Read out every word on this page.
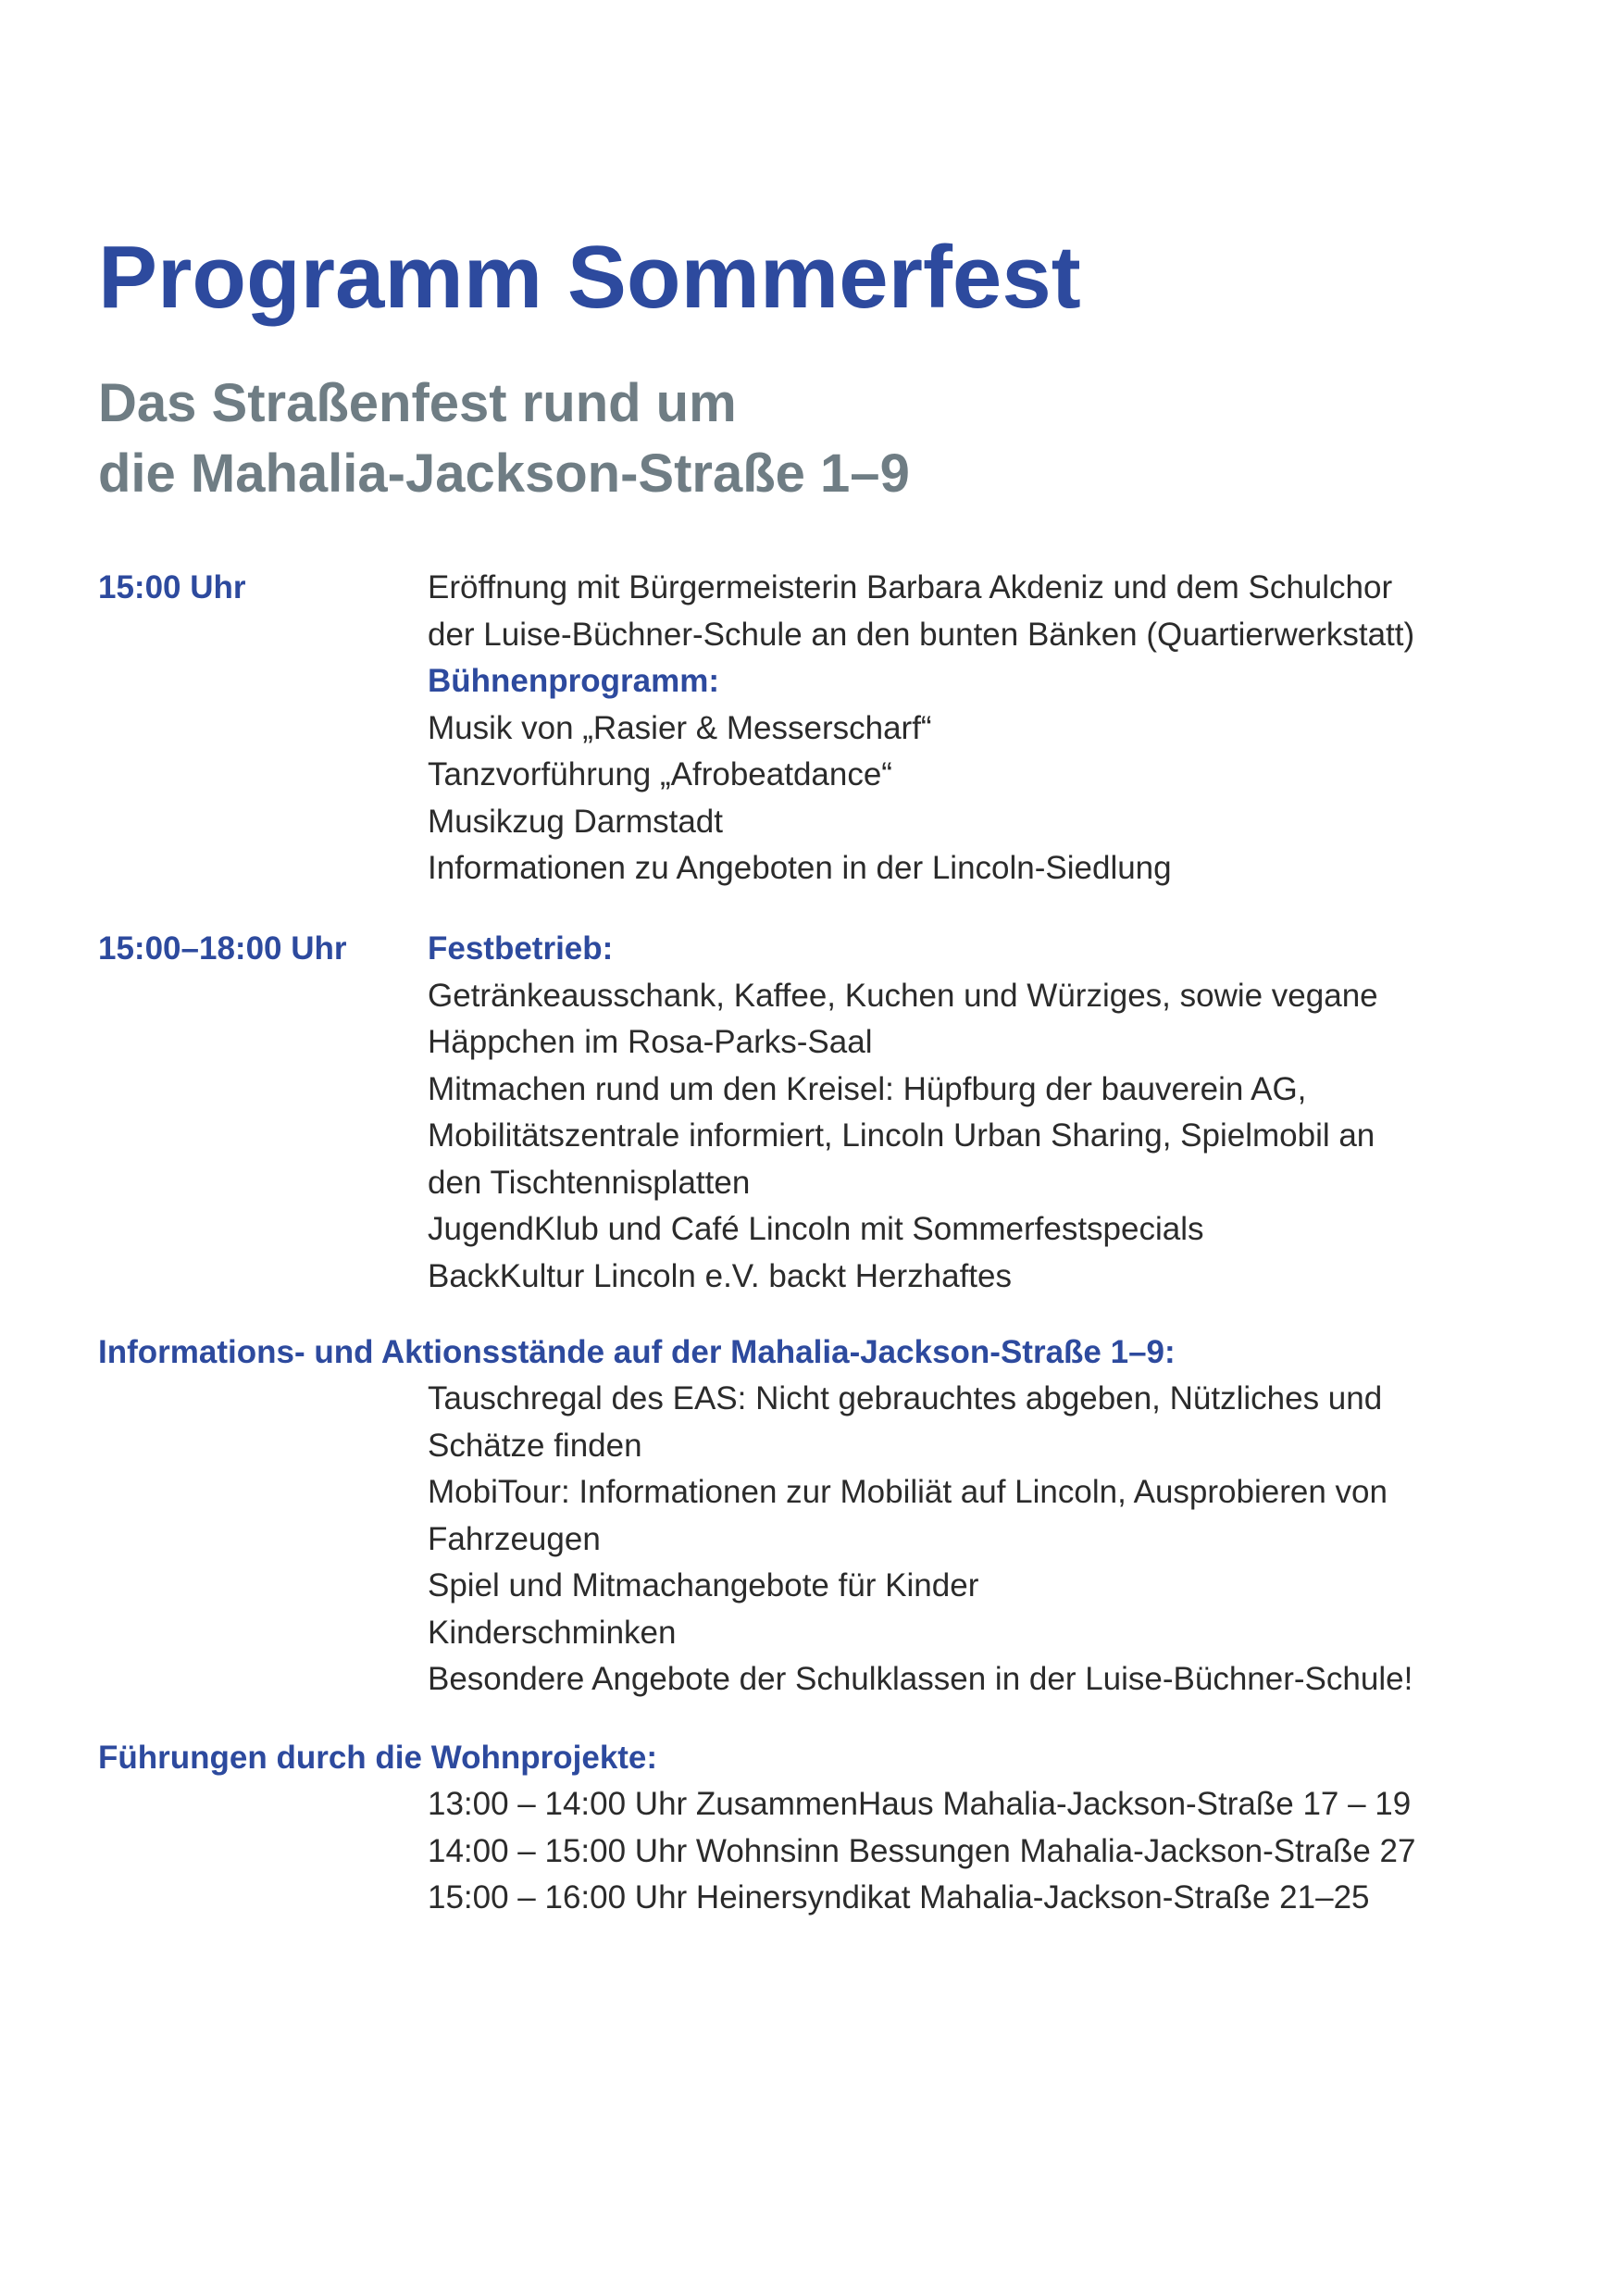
Programm Sommerfest
Das Straßenfest rund um
die Mahalia-Jackson-Straße 1–9
15:00 Uhr	Eröffnung mit Bürgermeisterin Barbara Akdeniz und dem Schulchor
der Luise-Büchner-Schule an den bunten Bänken (Quartierwerkstatt)
Bühnenprogramm:
Musik von „Rasier & Messerscharf“
Tanzvorführung „Afrobeatdance“
Musikzug Darmstadt
Informationen zu Angeboten in der Lincoln-Siedlung
15:00–18:00 Uhr	Festbetrieb:
Getränkeausschank, Kaffee, Kuchen und Würziges, sowie vegane
Häppchen im Rosa-Parks-Saal
Mitmachen rund um den Kreisel: Hüpfburg der bauverein AG,
Mobilitätszentrale informiert, Lincoln Urban Sharing, Spielmobil an
den Tischtennisplatten
JugendKlub und Café Lincoln mit Sommerfestspecials
BackKultur Lincoln e.V. backt Herzhaftes
Informations- und Aktionsstände auf der Mahalia-Jackson-Straße 1–9:
Tauschregal des EAS: Nicht gebrauchtes abgeben, Nützliches und
Schätze finden
MobiTour: Informationen zur Mobiliät auf Lincoln, Ausprobieren von
Fahrzeugen
Spiel und Mitmachangebote für Kinder
Kinderschminken
Besondere Angebote der Schulklassen in der Luise-Büchner-Schule!
Führungen durch die Wohnprojekte:
13:00 – 14:00 Uhr ZusammenHaus Mahalia-Jackson-Straße 17 – 19
14:00 – 15:00 Uhr Wohnsinn Bessungen Mahalia-Jackson-Straße 27
15:00 – 16:00 Uhr Heinersyndikat Mahalia-Jackson-Straße 21–25
